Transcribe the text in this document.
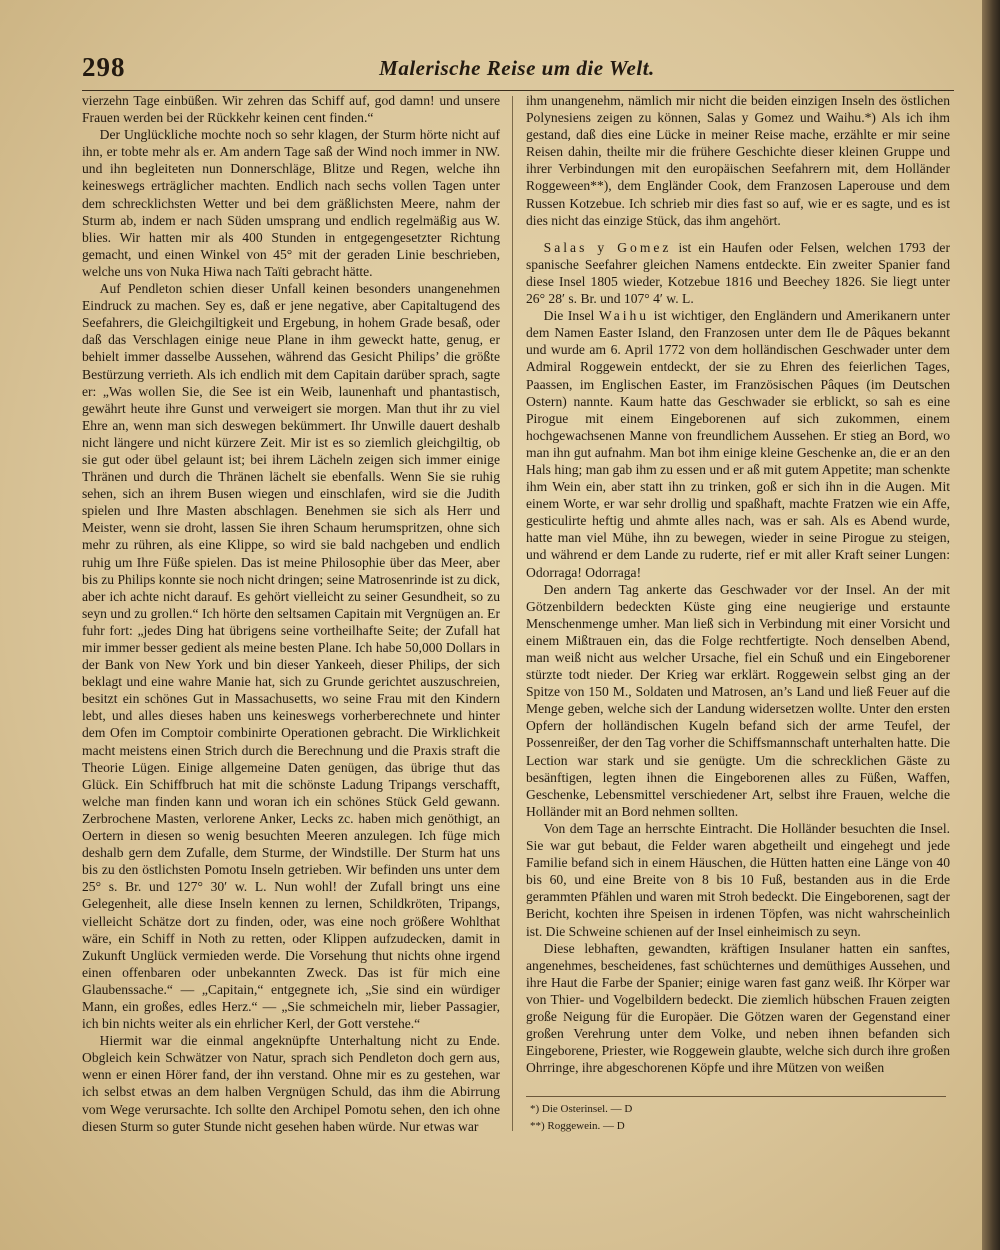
298	Malerische Reise um die Welt.

vierzehn Tage einbüßen. Wir zehren das Schiff auf, god damn! und unsere Frauen werden bei der Rückkehr keinen cent finden.“

Der Unglückliche mochte noch so sehr klagen, der Sturm hörte nicht auf ihn, er tobte mehr als er. Am andern Tage saß der Wind noch immer in NW. und ihn begleiteten nun Donnerschläge, Blitze und Regen, welche ihn keineswegs erträglicher machten. Endlich nach sechs vollen Tagen unter dem schrecklichsten Wetter und bei dem gräßlichsten Meere, nahm der Sturm ab, indem er nach Süden umsprang und endlich regelmäßig aus W. blies. Wir hatten mir als 400 Stunden in entgegengesetzter Richtung gemacht, und einen Winkel von 45° mit der geraden Linie beschrieben, welche uns von Nuka Hiwa nach Taïti gebracht hätte.

Auf Pendleton schien dieser Unfall keinen besonders unangenehmen Eindruck zu machen. Sey es, daß er jene negative, aber Capitaltugend des Seefahrers, die Gleichgiltigkeit und Ergebung, in hohem Grade besaß, oder daß das Verschlagen einige neue Plane in ihm geweckt hatte, genug, er behielt immer dasselbe Aussehen, während das Gesicht Philips’ die größte Bestürzung verrieth. Als ich endlich mit dem Capitain darüber sprach, sagte er: „Was wollen Sie, die See ist ein Weib, launenhaft und phantastisch, gewährt heute ihre Gunst und verweigert sie morgen. Man thut ihr zu viel Ehre an, wenn man sich deswegen bekümmert. Ihr Unwille dauert deshalb nicht längere und nicht kürzere Zeit. Mir ist es so ziemlich gleichgiltig, ob sie gut oder übel gelaunt ist; bei ihrem Lächeln zeigen sich immer einige Thränen und durch die Thränen lächelt sie ebenfalls. Wenn Sie sie ruhig sehen, sich an ihrem Busen wiegen und einschlafen, wird sie die Judith spielen und Ihre Masten abschlagen. Benehmen sie sich als Herr und Meister, wenn sie droht, lassen Sie ihren Schaum herumspritzen, ohne sich mehr zu rühren, als eine Klippe, so wird sie bald nachgeben und endlich ruhig um Ihre Füße spielen. Das ist meine Philosophie über das Meer, aber bis zu Philips konnte sie noch nicht dringen; seine Matrosenrinde ist zu dick, aber ich achte nicht darauf. Es gehört vielleicht zu seiner Gesundheit, so zu seyn und zu grollen.“ Ich hörte den seltsamen Capitain mit Vergnügen an. Er fuhr fort: „jedes Ding hat übrigens seine vortheilhafte Seite; der Zufall hat mir immer besser gedient als meine besten Plane. Ich habe 50,000 Dollars in der Bank von New York und bin dieser Yankeeh, dieser Philips, der sich beklagt und eine wahre Manie hat, sich zu Grunde gerichtet auszuschreien, besitzt ein schönes Gut in Massachusetts, wo seine Frau mit den Kindern lebt, und alles dieses haben uns keineswegs vorherberechnete und hinter dem Ofen im Comptoir combinirte Operationen gebracht. Die Wirklichkeit macht meistens einen Strich durch die Berechnung und die Praxis straft die Theorie Lügen. Einige allgemeine Daten genügen, das übrige thut das Glück. Ein Schiffbruch hat mit die schönste Ladung Tripangs verschafft, welche man finden kann und woran ich ein schönes Stück Geld gewann. Zerbrochene Masten, verlorene Anker, Lecks zc. haben mich genöthigt, an Oertern in diesen so wenig besuchten Meeren anzulegen. Ich füge mich deshalb gern dem Zufalle, dem Sturme, der Windstille. Der Sturm hat uns bis zu den östlichsten Pomotu Inseln getrieben. Wir befinden uns unter dem 25° s. Br. und 127° 30′ w. L. Nun wohl! der Zufall bringt uns eine Gelegenheit, alle diese Inseln kennen zu lernen, Schildkröten, Tripangs, vielleicht Schätze dort zu finden, oder, was eine noch größere Wohlthat wäre, ein Schiff in Noth zu retten, oder Klippen aufzudecken, damit in Zukunft Unglück vermieden werde. Die Vorsehung thut nichts ohne irgend einen offenbaren oder unbekannten Zweck. Das ist für mich eine Glaubenssache.“ — „Capitain,“ entgegnete ich, „Sie sind ein würdiger Mann, ein großes, edles Herz.“ — „Sie schmeicheln mir, lieber Passagier, ich bin nichts weiter als ein ehrlicher Kerl, der Gott verstehe.“

Hiermit war die einmal angeknüpfte Unterhaltung nicht zu Ende. Obgleich kein Schwätzer von Natur, sprach sich Pendleton doch gern aus, wenn er einen Hörer fand, der ihn verstand. Ohne mir es zu gestehen, war ich selbst etwas an dem halben Vergnügen Schuld, das ihm die Abirrung vom Wege verursachte. Ich sollte den Archipel Pomotu sehen, den ich ohne diesen Sturm so guter Stunde nicht gesehen haben würde. Nur etwas war

ihm unangenehm, nämlich mir nicht die beiden einzigen Inseln des östlichen Polynesiens zeigen zu können, Salas y Gomez und Waihu.*) Als ich ihm gestand, daß dies eine Lücke in meiner Reise mache, erzählte er mir seine Reisen dahin, theilte mir die frühere Geschichte dieser kleinen Gruppe und ihrer Verbindungen mit den europäischen Seefahrern mit, dem Holländer Roggeween**), dem Engländer Cook, dem Franzosen Laperouse und dem Russen Kotzebue. Ich schrieb mir dies fast so auf, wie er es sagte, und es ist dies nicht das einzige Stück, das ihm angehört.

Salas y Gomez ist ein Haufen oder Felsen, welchen 1793 der spanische Seefahrer gleichen Namens entdeckte. Ein zweiter Spanier fand diese Insel 1805 wieder, Kotzebue 1816 und Beechey 1826. Sie liegt unter 26° 28′ s. Br. und 107° 4′ w. L.

Die Insel Waihu ist wichtiger, den Engländern und Amerikanern unter dem Namen Easter Island, den Franzosen unter dem Ile de Pâques bekannt und wurde am 6. April 1772 von dem holländischen Geschwader unter dem Admiral Roggewein entdeckt, der sie zu Ehren des feierlichen Tages, Paassen, im Englischen Easter, im Französischen Pâques (im Deutschen Ostern) nannte. Kaum hatte das Geschwader sie erblickt, so sah es eine Pirogue mit einem Eingeborenen auf sich zukommen, einem hochgewachsenen Manne von freundlichem Aussehen. Er stieg an Bord, wo man ihn gut aufnahm. Man bot ihm einige kleine Geschenke an, die er an den Hals hing; man gab ihm zu essen und er aß mit gutem Appetite; man schenkte ihm Wein ein, aber statt ihn zu trinken, goß er sich ihn in die Augen. Mit einem Worte, er war sehr drollig und spaßhaft, machte Fratzen wie ein Affe, gesticulirte heftig und ahmte alles nach, was er sah. Als es Abend wurde, hatte man viel Mühe, ihn zu bewegen, wieder in seine Pirogue zu steigen, und während er dem Lande zu ruderte, rief er mit aller Kraft seiner Lungen: Odorraga! Odorraga!

Den andern Tag ankerte das Geschwader vor der Insel. An der mit Götzenbildern bedeckten Küste ging eine neugierige und erstaunte Menschenmenge umher. Man ließ sich in Verbindung mit einer Vorsicht und einem Mißtrauen ein, das die Folge rechtfertigte. Noch denselben Abend, man weiß nicht aus welcher Ursache, fiel ein Schuß und ein Eingeborener stürzte todt nieder. Der Krieg war erklärt. Roggewein selbst ging an der Spitze von 150 M., Soldaten und Matrosen, an’s Land und ließ Feuer auf die Menge geben, welche sich der Landung widersetzen wollte. Unter den ersten Opfern der holländischen Kugeln befand sich der arme Teufel, der Possenreißer, der den Tag vorher die Schiffsmannschaft unterhalten hatte. Die Lection war stark und sie genügte. Um die schrecklichen Gäste zu besänftigen, legten ihnen die Eingeborenen alles zu Füßen, Waffen, Geschenke, Lebensmittel verschiedener Art, selbst ihre Frauen, welche die Holländer mit an Bord nehmen sollten.

Von dem Tage an herrschte Eintracht. Die Holländer besuchten die Insel. Sie war gut bebaut, die Felder waren abgetheilt und eingehegt und jede Familie befand sich in einem Häuschen, die Hütten hatten eine Länge von 40 bis 60, und eine Breite von 8 bis 10 Fuß, bestanden aus in die Erde gerammten Pfählen und waren mit Stroh bedeckt. Die Eingeborenen, sagt der Bericht, kochten ihre Speisen in irdenen Töpfen, was nicht wahrscheinlich ist. Die Schweine schienen auf der Insel einheimisch zu seyn.

Diese lebhaften, gewandten, kräftigen Insulaner hatten ein sanftes, angenehmes, bescheidenes, fast schüchternes und demüthiges Aussehen, und ihre Haut die Farbe der Spanier; einige waren fast ganz weiß. Ihr Körper war von Thier- und Vogelbildern bedeckt. Die ziemlich hübschen Frauen zeigten große Neigung für die Europäer. Die Götzen waren der Gegenstand einer großen Verehrung unter dem Volke, und neben ihnen befanden sich Eingeborene, Priester, wie Roggewein glaubte, welche sich durch ihre großen Ohrringe, ihre abgeschorenen Köpfe und ihre Mützen von weißen

*) Die Osterinsel. — D
**) Roggewein. — D
